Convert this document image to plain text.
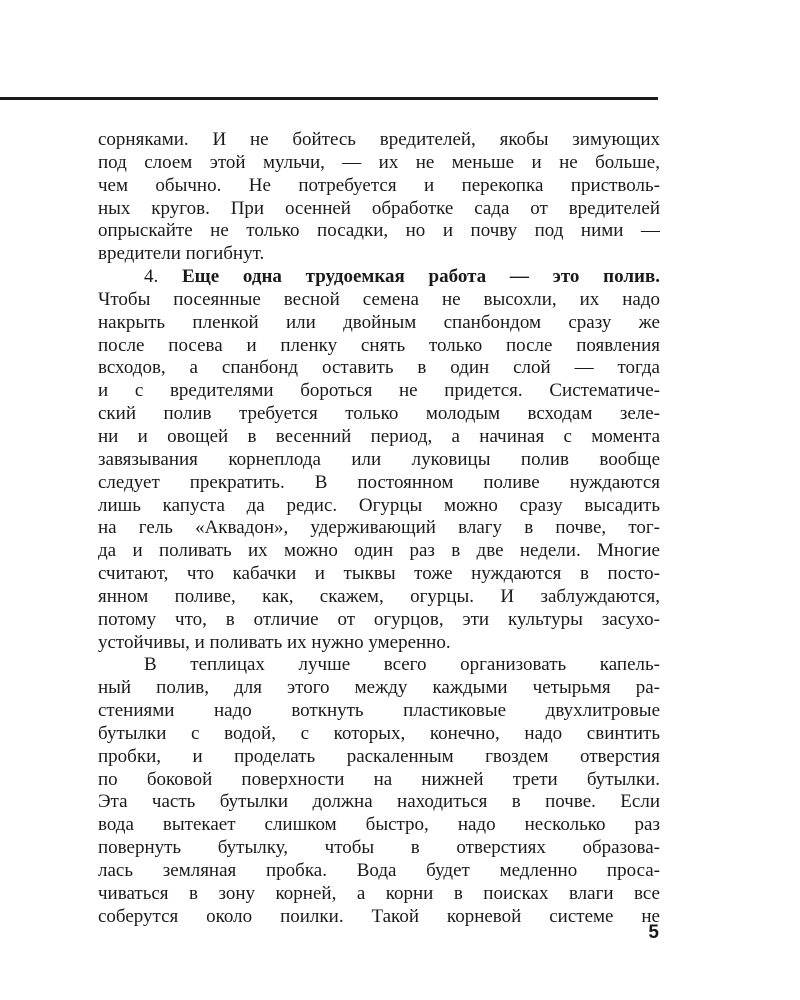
сорняками. И не бойтесь вредителей, якобы зимующих
под слоем этой мульчи, — их не меньше и не больше,
чем обычно. Не потребуется и перекопка пристволь-
ных кругов. При осенней обработке сада от вредителей
опрыскайте не только посадки, но и почву под ними —
вредители погибнут.
4. Еще одна трудоемкая работа — это полив.
Чтобы посеянные весной семена не высохли, их надо
накрыть пленкой или двойным спанбондом сразу же
после посева и пленку снять только после появления
всходов, а спанбонд оставить в один слой — тогда
и с вредителями бороться не придется. Систематиче-
ский полив требуется только молодым всходам зеле-
ни и овощей в весенний период, а начиная с момента
завязывания корнеплода или луковицы полив вообще
следует прекратить. В постоянном поливе нуждаются
лишь капуста да редис. Огурцы можно сразу высадить
на гель «Аквадон», удерживающий влагу в почве, тог-
да и поливать их можно один раз в две недели. Многие
считают, что кабачки и тыквы тоже нуждаются в посто-
янном поливе, как, скажем, огурцы. И заблуждаются,
потому что, в отличие от огурцов, эти культуры засухо-
устойчивы, и поливать их нужно умеренно.
В теплицах лучше всего организовать капель-
ный полив, для этого между каждыми четырьмя ра-
стениями надо воткнуть пластиковые двухлитровые
бутылки с водой, с которых, конечно, надо свинтить
пробки, и проделать раскаленным гвоздем отверстия
по боковой поверхности на нижней трети бутылки.
Эта часть бутылки должна находиться в почве. Если
вода вытекает слишком быстро, надо несколько раз
повернуть бутылку, чтобы в отверстиях образова-
лась земляная пробка. Вода будет медленно проса-
чиваться в зону корней, а корни в поисках влаги все
соберутся около поилки. Такой корневой системе не
5
